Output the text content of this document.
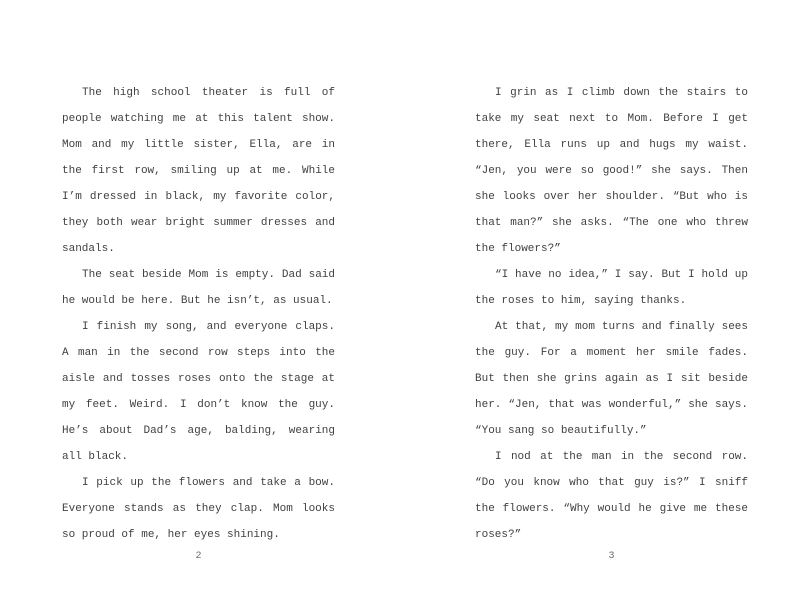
The high school theater is full of people watching me at this talent show. Mom and my little sister, Ella, are in the first row, smiling up at me. While I’m dressed in black, my favorite color, they both wear bright summer dresses and sandals.

The seat beside Mom is empty. Dad said he would be here. But he isn’t, as usual.

I finish my song, and everyone claps. A man in the second row steps into the aisle and tosses roses onto the stage at my feet. Weird. I don’t know the guy. He’s about Dad’s age, balding, wearing all black.

I pick up the flowers and take a bow. Everyone stands as they clap. Mom looks so proud of me, her eyes shining.

2

I grin as I climb down the stairs to take my seat next to Mom. Before I get there, Ella runs up and hugs my waist. “Jen, you were so good!” she says. Then she looks over her shoulder. “But who is that man?” she asks. “The one who threw the flowers?”

“I have no idea,” I say. But I hold up the roses to him, saying thanks.

At that, my mom turns and finally sees the guy. For a moment her smile fades. But then she grins again as I sit beside her. “Jen, that was wonderful,” she says. “You sang so beautifully.”

I nod at the man in the second row. “Do you know who that guy is?” I sniff the flowers. “Why would he give me these roses?”

3
